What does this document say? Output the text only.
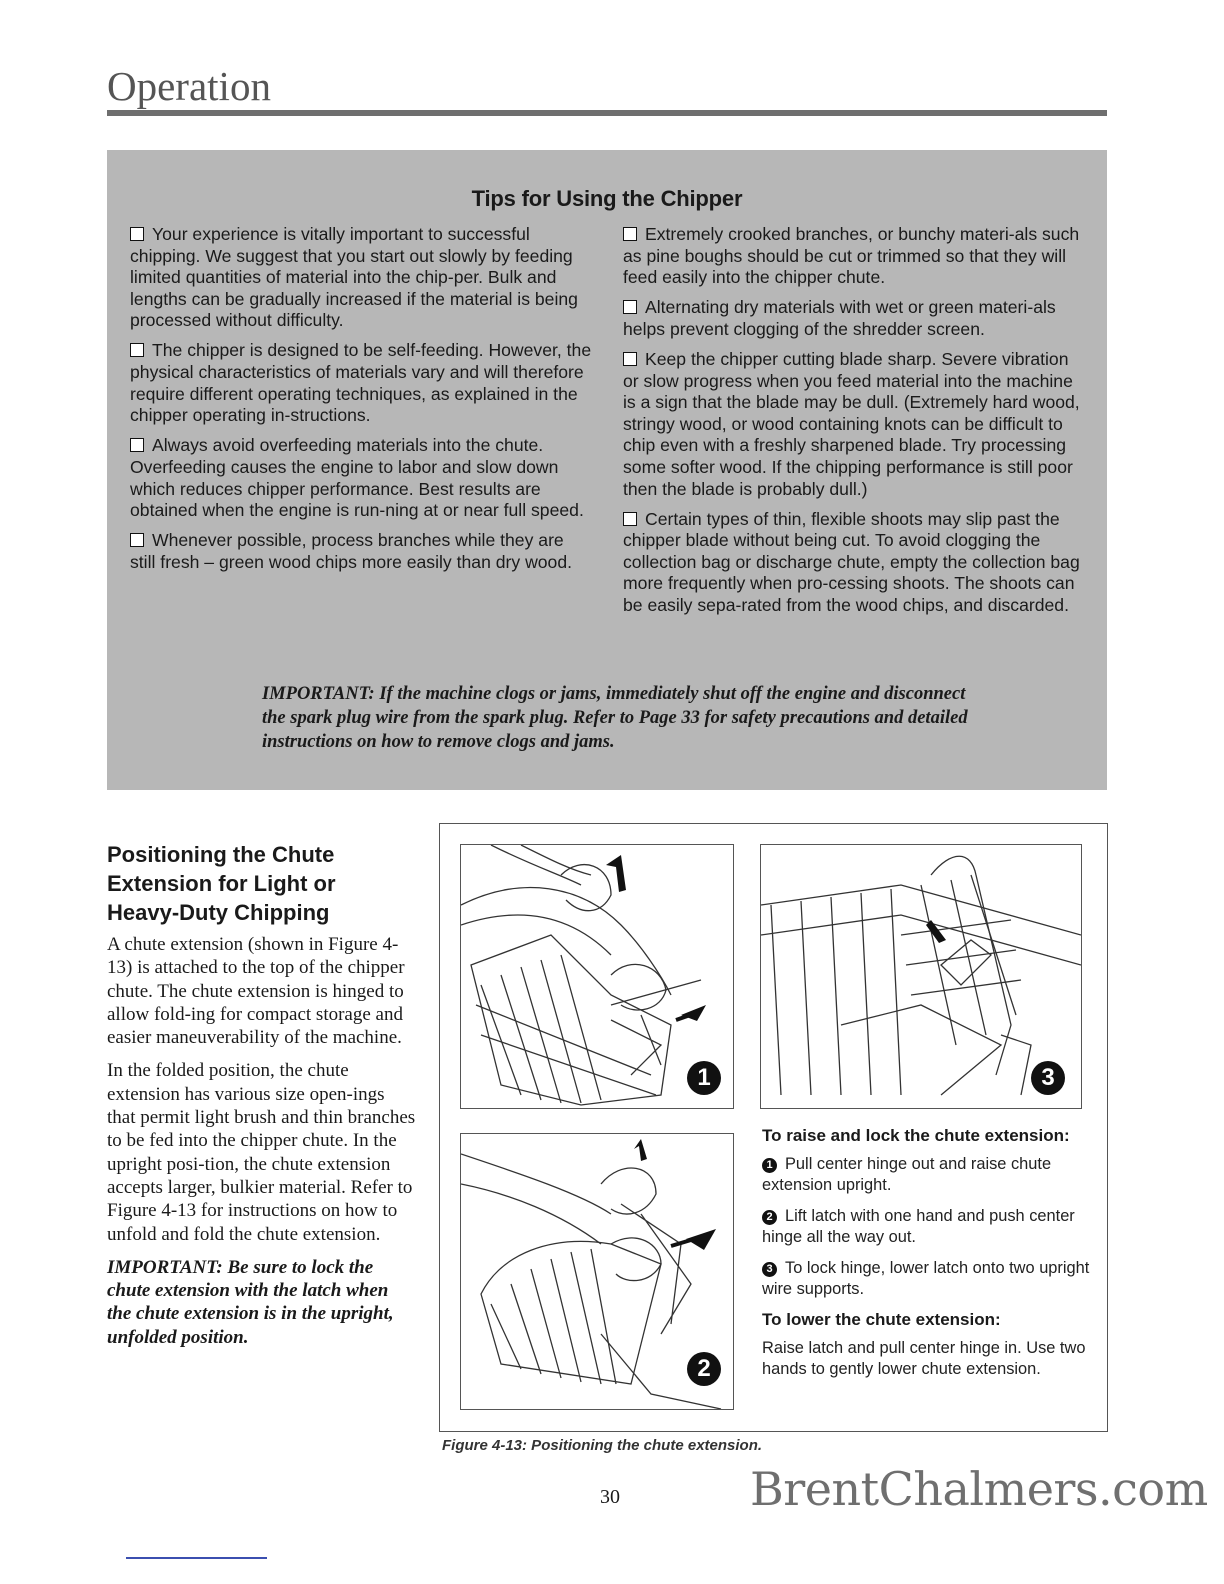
Operation
Tips for Using the Chipper

Your experience is vitally important to successful chipping. We suggest that you start out slowly by feeding limited quantities of material into the chip-per. Bulk and lengths can be gradually increased if the material is being processed without difficulty.

The chipper is designed to be self-feeding. However, the physical characteristics of materials vary and will therefore require different operating techniques, as explained in the chipper operating in-structions.

Always avoid overfeeding materials into the chute. Overfeeding causes the engine to labor and slow down which reduces chipper performance. Best results are obtained when the engine is run-ning at or near full speed.

Whenever possible, process branches while they are still fresh – green wood chips more easily than dry wood.

Extremely crooked branches, or bunchy materi-als such as pine boughs should be cut or trimmed so that they will feed easily into the chipper chute.

Alternating dry materials with wet or green materi-als helps prevent clogging of the shredder screen.

Keep the chipper cutting blade sharp. Severe vibration or slow progress when you feed material into the machine is a sign that the blade may be dull. (Extremely hard wood, stringy wood, or wood containing knots can be difficult to chip even with a freshly sharpened blade. Try processing some softer wood. If the chipping performance is still poor then the blade is probably dull.)

Certain types of thin, flexible shoots may slip past the chipper blade without being cut. To avoid clogging the collection bag or discharge chute, empty the collection bag more frequently when pro-cessing shoots. The shoots can be easily sepa-rated from the wood chips, and discarded.

IMPORTANT: If the machine clogs or jams, immediately shut off the engine and disconnect the spark plug wire from the spark plug. Refer to Page 33 for safety precautions and detailed instructions on how to remove clogs and jams.
Positioning the Chute Extension for Light or Heavy-Duty Chipping

A chute extension (shown in Figure 4-13) is attached to the top of the chipper chute. The chute extension is hinged to allow fold-ing for compact storage and easier maneuverability of the machine.

In the folded position, the chute extension has various size open-ings that permit light brush and thin branches to be fed into the chipper chute. In the upright posi-tion, the chute extension accepts larger, bulkier material. Refer to Figure 4-13 for instructions on how to unfold and fold the chute extension.

IMPORTANT: Be sure to lock the chute extension with the latch when the chute extension is in the upright, unfolded position.

1	3
2
To raise and lock the chute extension:
1 Pull center hinge out and raise chute extension upright.
2 Lift latch with one hand and push center hinge all the way out.
3 To lock hinge, lower latch onto two upright wire supports.
To lower the chute extension:
Raise latch and pull center hinge in. Use two hands to gently lower chute extension.
Figure 4-13: Positioning the chute extension.
30	BrentChalmers.com
